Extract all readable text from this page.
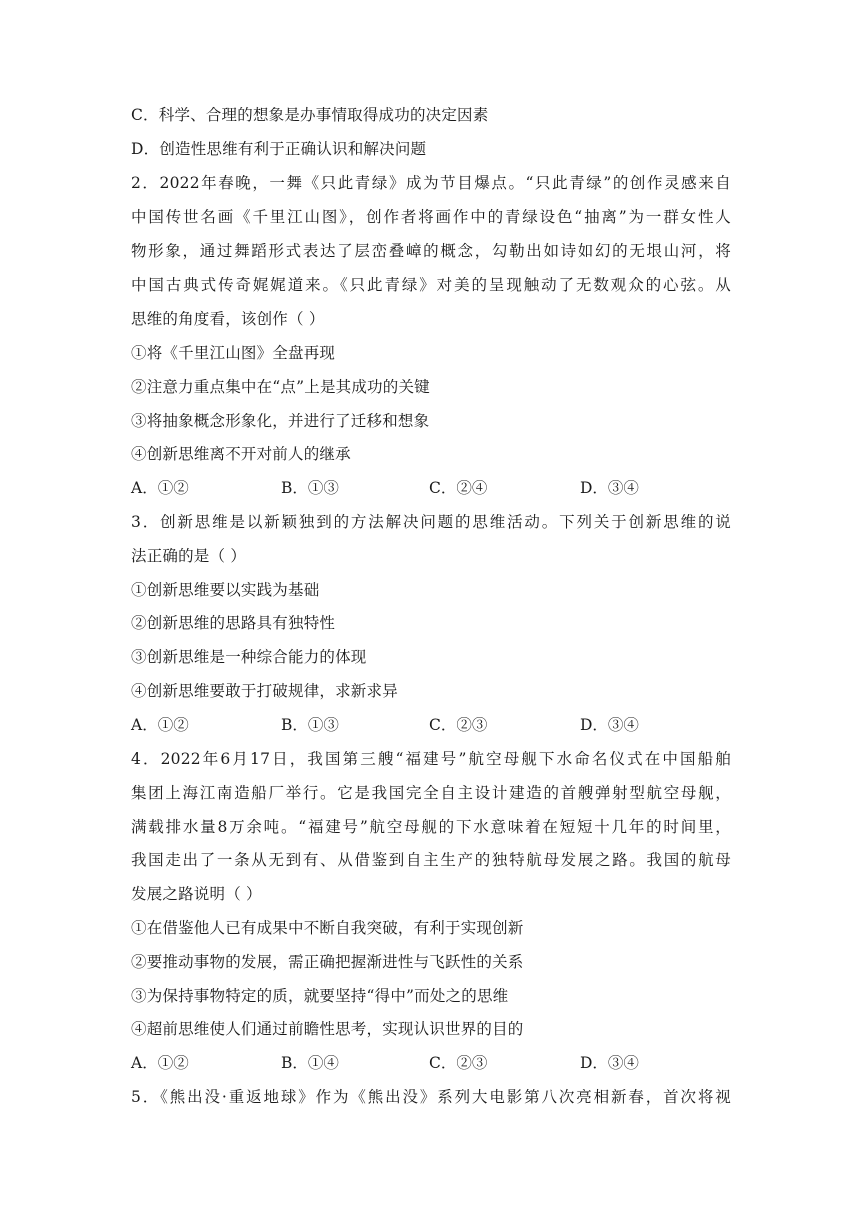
C．科学、合理的想象是办事情取得成功的决定因素
D．创造性思维有利于正确认识和解决问题
2．2022年春晚，一舞《只此青绿》成为节目爆点。“只此青绿”的创作灵感来自
中国传世名画《千里江山图》，创作者将画作中的青绿设色“抽离”为一群女性人
物形象，通过舞蹈形式表达了层峦叠嶂的概念，勾勒出如诗如幻的无垠山河，将
中国古典式传奇娓娓道来。《只此青绿》对美的呈现触动了无数观众的心弦。从
思维的角度看，该创作（ ）
①将《千里江山图》全盘再现
②注意力重点集中在“点”上是其成功的关键
③将抽象概念形象化，并进行了迁移和想象
④创新思维离不开对前人的继承
A．①②	B．①③	C．②④	D．③④
3．创新思维是以新颖独到的方法解决问题的思维活动。下列关于创新思维的说
法正确的是（ ）
①创新思维要以实践为基础
②创新思维的思路具有独特性
③创新思维是一种综合能力的体现
④创新思维要敢于打破规律，求新求异
A．①②	B．①③	C．②③	D．③④
4．2022年6月17日，我国第三艘“福建号”航空母舰下水命名仪式在中国船舶
集团上海江南造船厂举行。它是我国完全自主设计建造的首艘弹射型航空母舰，
满载排水量8万余吨。“福建号”航空母舰的下水意味着在短短十几年的时间里，
我国走出了一条从无到有、从借鉴到自主生产的独特航母发展之路。我国的航母
发展之路说明（ ）
①在借鉴他人已有成果中不断自我突破，有利于实现创新
②要推动事物的发展，需正确把握渐进性与飞跃性的关系
③为保持事物特定的质，就要坚持“得中”而处之的思维
④超前思维使人们通过前瞻性思考，实现认识世界的目的
A．①②	B．①④	C．②③	D．③④
5．《熊出没·重返地球》作为《熊出没》系列大电影第八次亮相新春，首次将视
